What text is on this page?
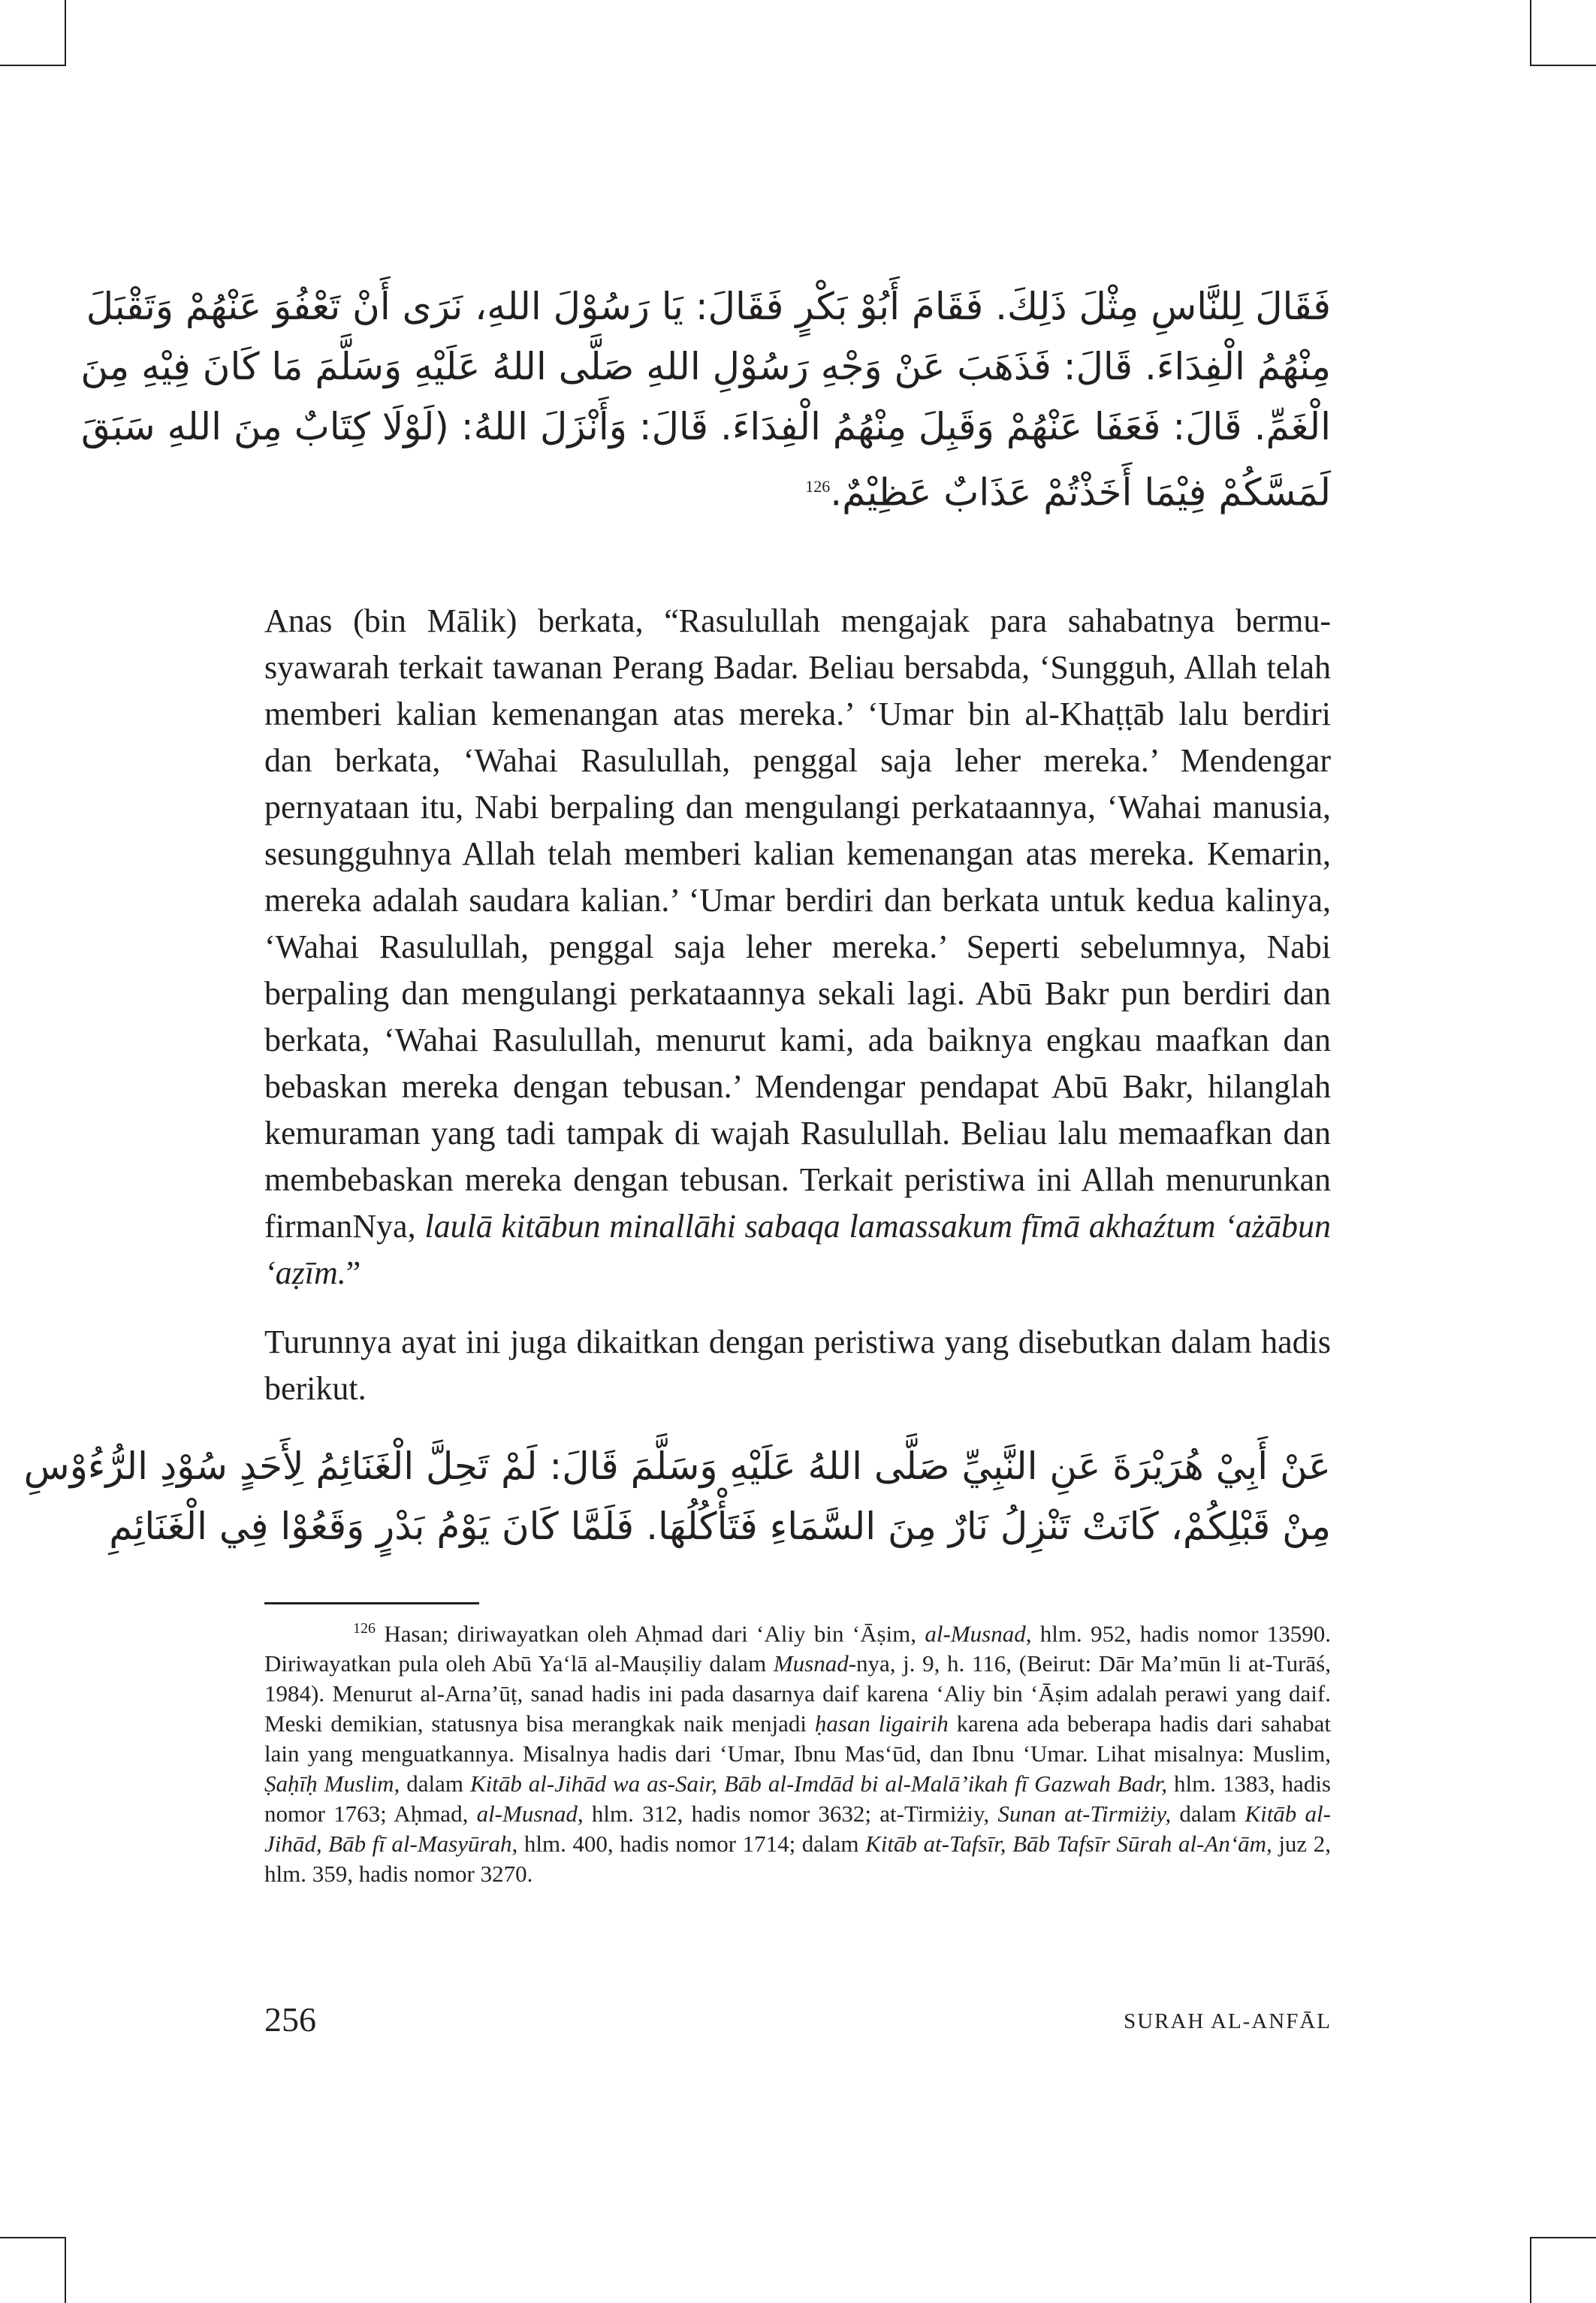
فَقَالَ لِلنَّاسِ مِثْلَ ذَلِكَ. فَقَامَ أَبُوْ بَكْرٍ فَقَالَ: يَا رَسُوْلَ اللهِ، نَرَى أَنْ تَعْفُوَ عَنْهُمْ وَتَقْبَلَ
مِنْهُمُ الْفِدَاءَ. قَالَ: فَذَهَبَ عَنْ وَجْهِ رَسُوْلِ اللهِ صَلَّى اللهُ عَلَيْهِ وَسَلَّمَ مَا كَانَ فِيْهِ مِنَ
الْغَمِّ. قَالَ: فَعَفَا عَنْهُمْ وَقَبِلَ مِنْهُمُ الْفِدَاءَ. قَالَ: وَأَنْزَلَ اللهُ: (لَوْلَا كِتَابٌ مِنَ اللهِ سَبَقَ
لَمَسَّكُمْ فِيْمَا أَخَذْتُمْ عَذَابٌ عَظِيْمٌ.$^{126}$

Anas (bin Mālik) berkata, “Rasulullah mengajak para sahabatnya bermusyawarah terkait tawanan Perang Badar. Beliau bersabda, ‘Sungguh, Allah telah memberi kalian kemenangan atas mereka.’ ‘Umar bin al-Khaṭṭāb lalu berdiri dan berkata, ‘Wahai Rasulullah, penggal saja leher mereka.’ Mendengar pernyataan itu, Nabi berpaling dan mengulangi perkataannya, ‘Wahai manusia, sesungguhnya Allah telah memberi kalian kemenangan atas mereka. Kemarin, mereka adalah saudara kalian.’ ‘Umar berdiri dan berkata untuk kedua kalinya, ‘Wahai Rasulullah, penggal saja leher mereka.’ Seperti sebelumnya, Nabi berpaling dan mengulangi perkataannya sekali lagi. Abū Bakr pun berdiri dan berkata, ‘Wahai Rasulullah, menurut kami, ada baiknya engkau maafkan dan bebaskan mereka dengan tebusan.’ Mendengar pendapat Abū Bakr, hilanglah kemuraman yang tadi tampak di wajah Rasulullah. Beliau lalu memaafkan dan membebaskan mereka dengan tebusan. Terkait peristiwa ini Allah menurunkan firmanNya, laulā kitābun minallāhi sabaqa lamassakum fīmā akhaźtum ‘ażābun ‘aẓīm.”

Turunnya ayat ini juga dikaitkan dengan peristiwa yang disebutkan dalam hadis berikut.

عَنْ أَبِيْ هُرَيْرَةَ عَنِ النَّبِيِّ صَلَّى اللهُ عَلَيْهِ وَسَلَّمَ قَالَ: لَمْ تَحِلَّ الْغَنَائِمُ لِأَحَدٍ سُوْدِ الرُّءُوْسِ
مِنْ قَبْلِكُمْ، كَانَتْ تَنْزِلُ نَارٌ مِنَ السَّمَاءِ فَتَأْكُلُهَا. فَلَمَّا كَانَ يَوْمُ بَدْرٍ وَقَعُوْا فِي الْغَنَائِمِ
$^{126}$ Hasan; diriwayatkan oleh Aḥmad dari ‘Aliy bin ‘Āṣim, al-Musnad, hlm. 952, hadis nomor 13590. Diriwayatkan pula oleh Abū Ya‘lā al-Mauṣiliy dalam Musnad-nya, j. 9, h. 116, (Beirut: Dār Ma’mūn li at-Turāś, 1984). Menurut al-Arna’ūṭ, sanad hadis ini pada dasarnya daif karena ‘Aliy bin ‘Āṣim adalah perawi yang daif. Meski demikian, statusnya bisa merangkak naik menjadi ḥasan ligairih karena ada beberapa hadis dari sahabat lain yang menguatkannya. Misalnya hadis dari ‘Umar, Ibnu Mas‘ūd, dan Ibnu ‘Umar. Lihat misalnya: Muslim, Ṣaḥīḥ Muslim, dalam Kitāb al-Jihād wa as-Sair, Bāb al-Imdād bi al-Malā’ikah fī Gazwah Badr, hlm. 1383, hadis nomor 1763; Aḥmad, al-Musnad, hlm. 312, hadis nomor 3632; at-Tirmiżiy, Sunan at-Tirmiżiy, dalam Kitāb al-Jihād, Bāb fī al-Masyūrah, hlm. 400, hadis nomor 1714; dalam Kitāb at-Tafsīr, Bāb Tafsīr Sūrah al-An‘ām, juz 2, hlm. 359, hadis nomor 3270.
256	SURAH AL-ANFĀL
